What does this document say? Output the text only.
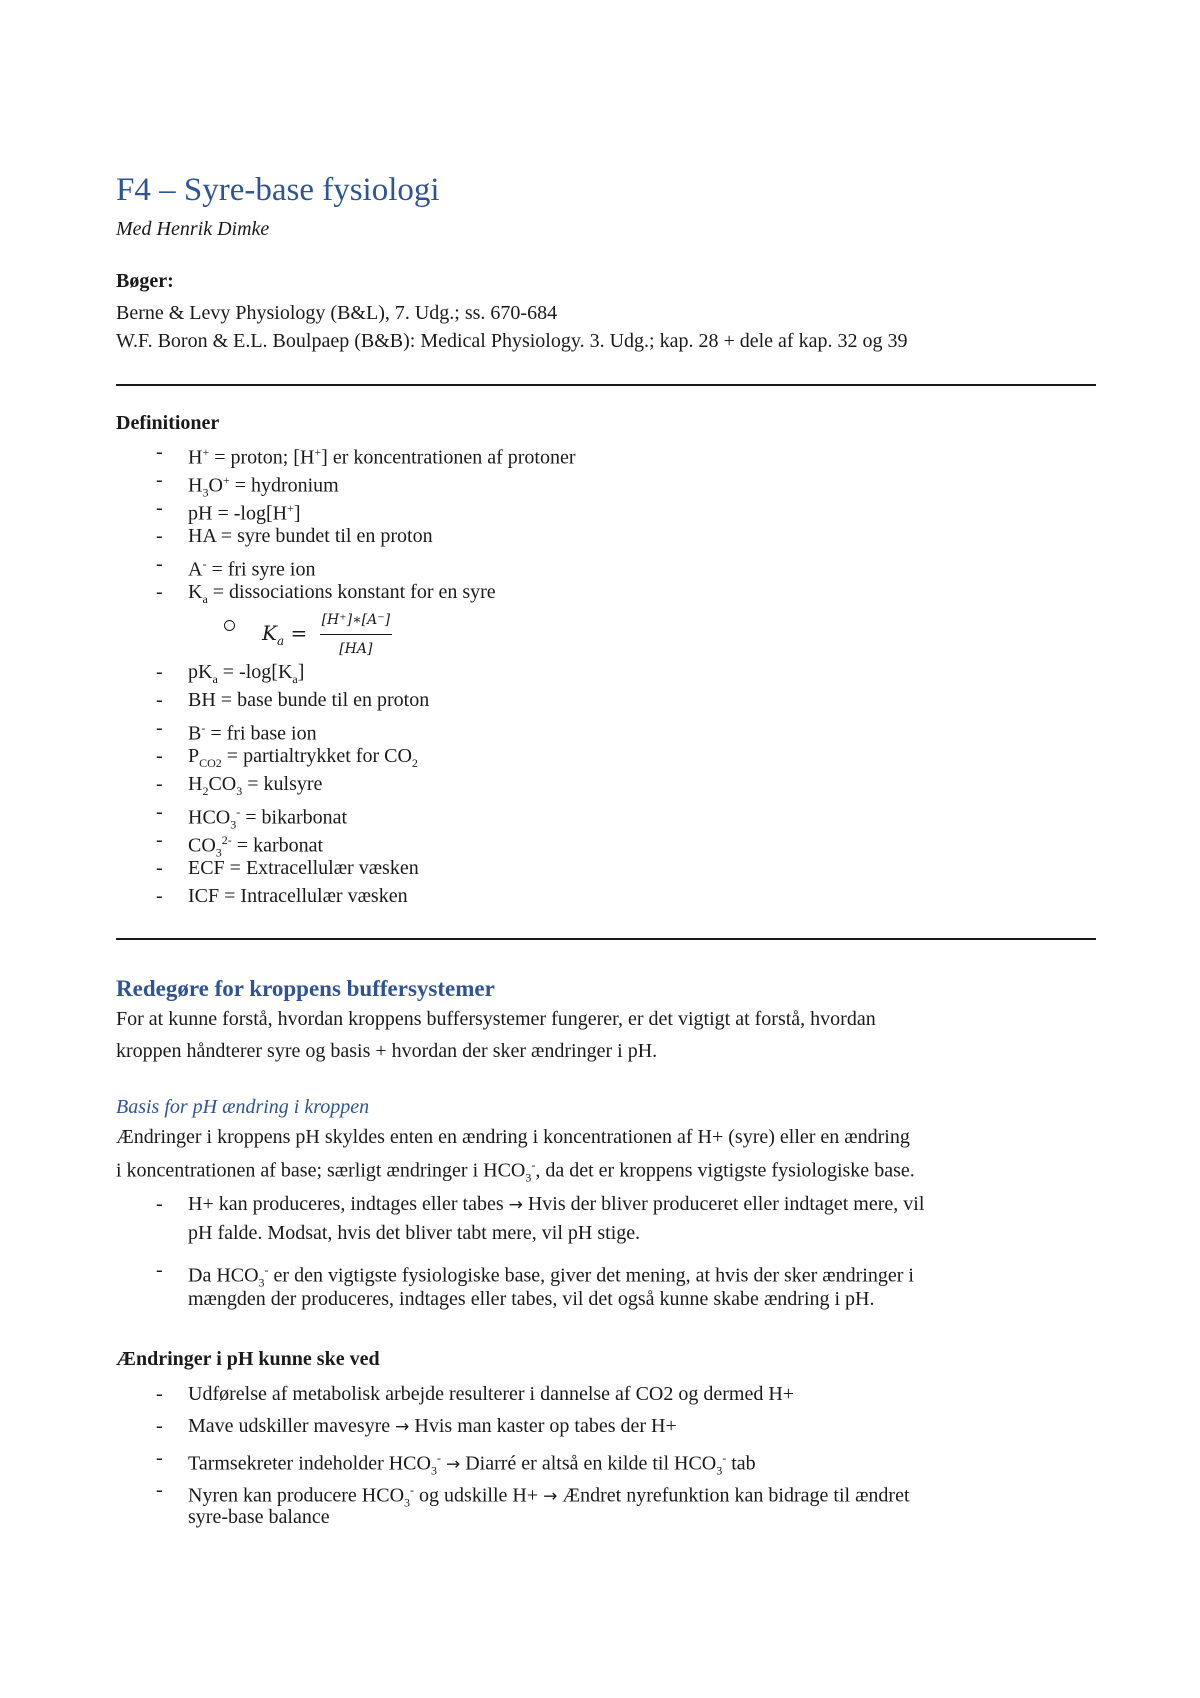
F4 – Syre-base fysiologi
Med Henrik Dimke
Bøger:
Berne & Levy Physiology (B&L), 7. Udg.; ss. 670-684
W.F. Boron & E.L. Boulpaep (B&B): Medical Physiology. 3. Udg.; kap. 28 + dele af kap. 32 og 39
Definitioner
- H+ = proton; [H+] er koncentrationen af protoner
- $H_3O^+$ = hydronium
- pH = -log[H+]
- HA = syre bundet til en proton
- A- = fri syre ion
- $K_a$ = dissociations konstant for en syre
$K_a = \frac{[H^+]∗[A^-]}{[HA]}$
- $pK_a = -\log[K_a]$
- BH = base bunde til en proton
- B- = fri base ion
- $P_{CO2}$ = partialtrykket for $CO_2$
- $H_2CO_3$ = kulsyre
- $HCO_3^-$ = bikarbonat
- $CO_3^{2-}$ = karbonat
- ECF = Extracellulær væsken
- ICF = Intracellulær væsken
Redegøre for kroppens buffersystemer
For at kunne forstå, hvordan kroppens buffersystemer fungerer, er det vigtigt at forstå, hvordan
kroppen håndterer syre og basis + hvordan der sker ændringer i pH.
Basis for pH ændring i kroppen
Ændringer i kroppens pH skyldes enten en ændring i koncentrationen af H+ (syre) eller en ændring
i koncentrationen af base; særligt ændringer i $HCO_3^-$, da det er kroppens vigtigste fysiologiske base.
- H+ kan produceres, indtages eller tabes → Hvis der bliver produceret eller indtaget mere, vil
pH falde. Modsat, hvis det bliver tabt mere, vil pH stige.
- Da $HCO_3^-$ er den vigtigste fysiologiske base, giver det mening, at hvis der sker ændringer i
mængden der produceres, indtages eller tabes, vil det også kunne skabe ændring i pH.
Ændringer i pH kunne ske ved
- Udførelse af metabolisk arbejde resulterer i dannelse af CO2 og dermed H+
- Mave udskiller mavesyre → Hvis man kaster op tabes der H+
- Tarmsekreter indeholder $HCO_3^-$ → Diarré er altså en kilde til $HCO_3^-$ tab
- Nyren kan producere $HCO_3^-$ og udskille H+ → Ændret nyrefunktion kan bidrage til ændret
syre-base balance
